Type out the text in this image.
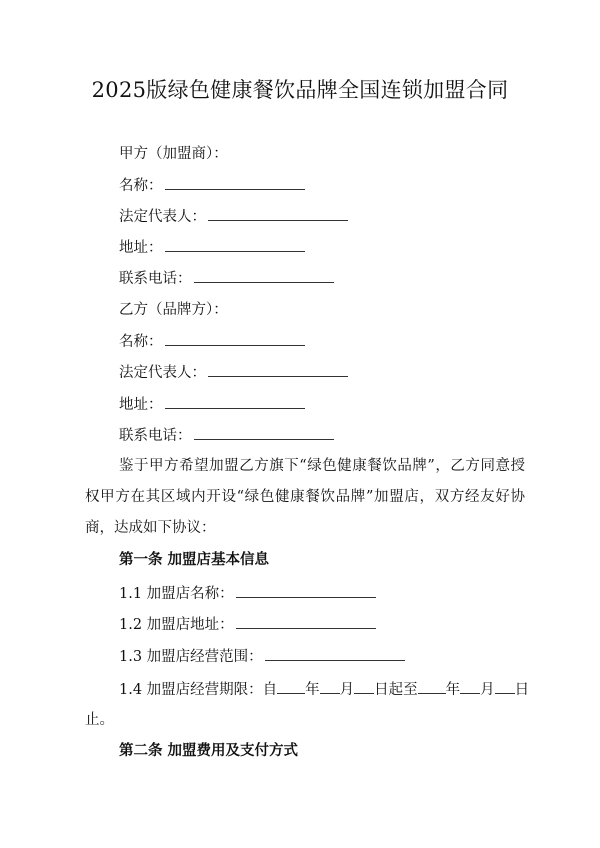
2025版绿色健康餐饮品牌全国连锁加盟合同
甲方（加盟商）：
名称：
法定代表人：
地址：
联系电话：
乙方（品牌方）：
名称：
法定代表人：
地址：
联系电话：
鉴于甲方希望加盟乙方旗下“绿色健康餐饮品牌”，乙方同意授权甲方在其区域内开设“绿色健康餐饮品牌”加盟店，双方经友好协商，达成如下协议：
第一条 加盟店基本信息
1.1 加盟店名称：
1.2 加盟店地址：
1.3 加盟店经营范围：
1.4 加盟店经营期限：自 年 月 日起至 年 月 日
止。
第二条 加盟费用及支付方式
